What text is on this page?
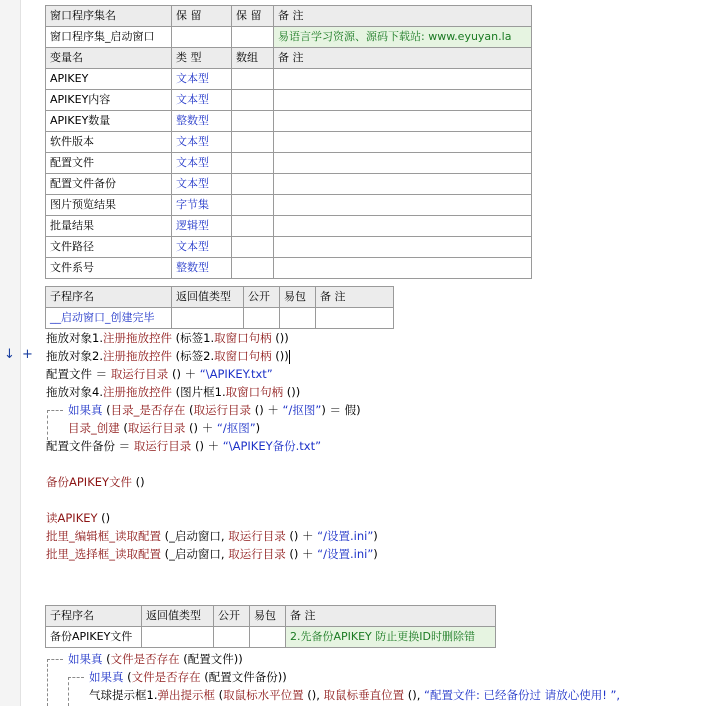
↓ +
窗口程序集名	保 留	保 留	备 注
窗口程序集_启动窗口			易语言学习资源、源码下载站: www.eyuyan.la
变量名	类 型	数组	备 注
APIKEY	文本型		
APIKEY内容	文本型		
APIKEY数量	整数型		
软件版本	文本型		
配置文件	文本型		
配置文件备份	文本型		
图片预览结果	字节集		
批量结果	逻辑型		
文件路径	文本型		
文件系号	整数型		
子程序名	返回值类型	公开	易包	备 注
__启动窗口_创建完毕				
拖放对象1.注册拖放控件 (标签1.取窗口句柄 ())
拖放对象2.注册拖放控件 (标签2.取窗口句柄 ())
配置文件 ＝ 取运行目录 () ＋ “\APIKEY.txt”
拖放对象4.注册拖放控件 (图片框1.取窗口句柄 ())
如果真 (目录_是否存在 (取运行目录 () ＋ “/抠图”) ＝ 假)
目录_创建 (取运行目录 () ＋ “/抠图”)
配置文件备份 ＝ 取运行目录 () ＋ “\APIKEY备份.txt”
备份APIKEY文件 ()
读APIKEY ()
批里_编辑框_读取配置 (_启动窗口, 取运行目录 () ＋ “/设置.ini”)
批里_选择框_读取配置 (_启动窗口, 取运行目录 () ＋ “/设置.ini”)
子程序名	返回值类型	公开	易包	备 注
备份APIKEY文件				2.先备份APIKEY 防止更换ID时删除错
如果真 (文件是否存在 (配置文件))
如果真 (文件是否存在 (配置文件备份))
气球提示框1.弹出提示框 (取鼠标水平位置 (), 取鼠标垂直位置 (), “配置文件: 已经备份过 请放心使用! ”,
